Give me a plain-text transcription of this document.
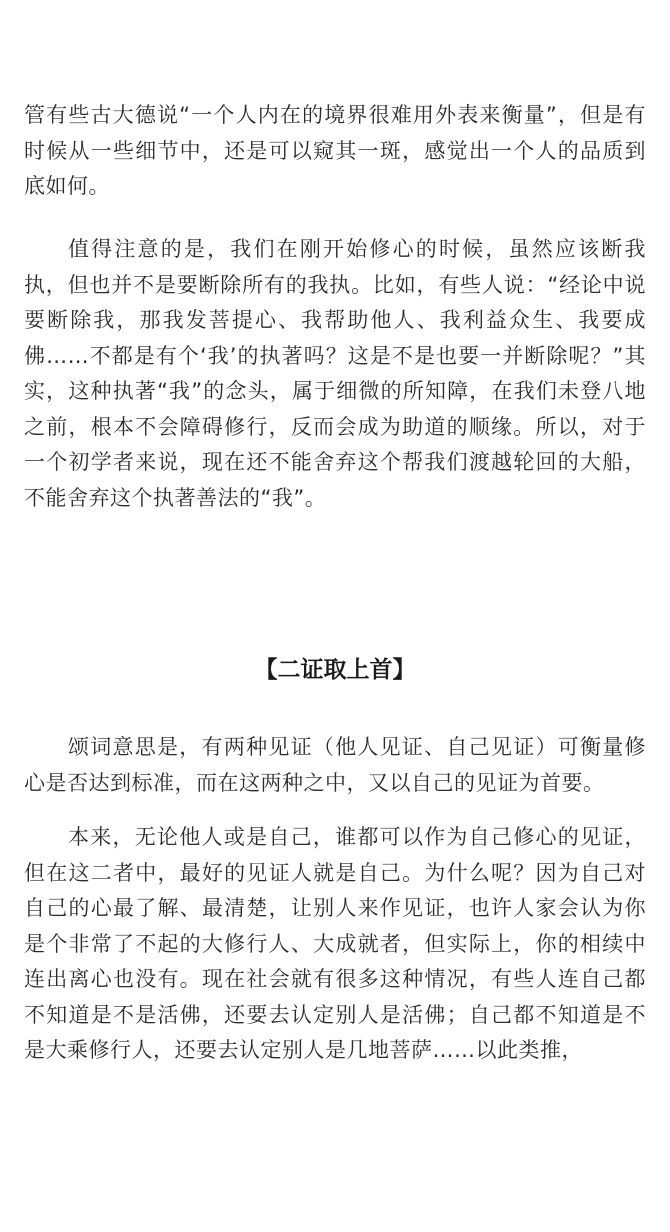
管有些古大德说“一个人内在的境界很难用外表来衡量”，但是有时候从一些细节中，还是可以窥其一斑，感觉出一个人的品质到底如何。

值得注意的是，我们在刚开始修心的时候，虽然应该断我执，但也并不是要断除所有的我执。比如，有些人说：“经论中说要断除我，那我发菩提心、我帮助他人、我利益众生、我要成佛……不都是有个‘我’的执著吗？这是不是也要一并断除呢？”其实，这种执著“我”的念头，属于细微的所知障，在我们未登八地之前，根本不会障碍修行，反而会成为助道的顺缘。所以，对于一个初学者来说，现在还不能舍弃这个帮我们渡越轮回的大船，不能舍弃这个执著善法的“我”。

【二证取上首】

颂词意思是，有两种见证（他人见证、自己见证）可衡量修心是否达到标准，而在这两种之中，又以自己的见证为首要。

本来，无论他人或是自己，谁都可以作为自己修心的见证，但在这二者中，最好的见证人就是自己。为什么呢？因为自己对自己的心最了解、最清楚，让别人来作见证，也许人家会认为你是个非常了不起的大修行人、大成就者，但实际上，你的相续中连出离心也没有。现在社会就有很多这种情况，有些人连自己都不知道是不是活佛，还要去认定别人是活佛；自己都不知道是不是大乘修行人，还要去认定别人是几地菩萨……以此类推，
